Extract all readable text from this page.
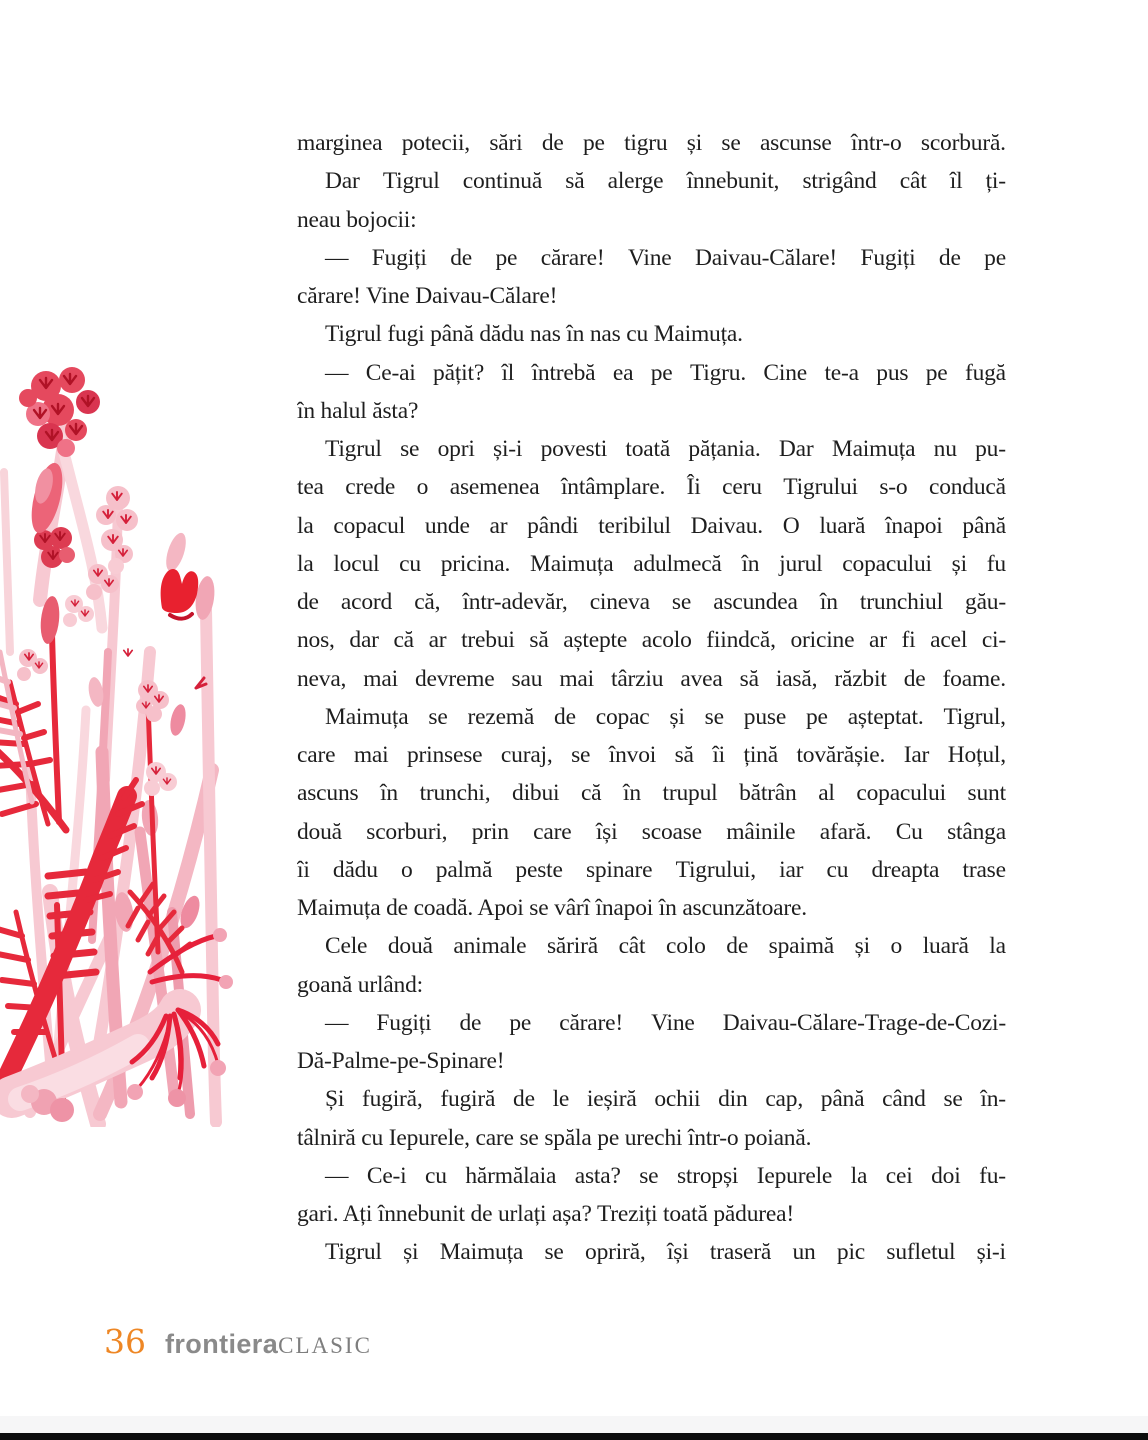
marginea potecii, sări de pe tigru și se ascunse într-o scorbură.
Dar Tigrul continuă să alerge înnebunit, strigând cât îl ți-
neau bojocii:
— Fugiți de pe cărare! Vine Daivau-Călare! Fugiți de pe
cărare! Vine Daivau-Călare!
Tigrul fugi până dădu nas în nas cu Maimuța.
— Ce-ai pățit? îl întrebă ea pe Tigru. Cine te-a pus pe fugă
în halul ăsta?
Tigrul se opri și-i povesti toată pățania. Dar Maimuța nu pu-
tea crede o asemenea întâmplare. Îi ceru Tigrului s-o conducă
la copacul unde ar pândi teribilul Daivau. O luară înapoi până
la locul cu pricina. Maimuța adulmecă în jurul copacului și fu
de acord că, într-adevăr, cineva se ascundea în trunchiul gău-
nos, dar că ar trebui să aștepte acolo fiindcă, oricine ar fi acel ci-
neva, mai devreme sau mai târziu avea să iasă, răzbit de foame.
Maimuța se rezemă de copac și se puse pe așteptat. Tigrul,
care mai prinsese curaj, se învoi să îi țină tovărășie. Iar Hoțul,
ascuns în trunchi, dibui că în trupul bătrân al copacului sunt
două scorburi, prin care își scoase mâinile afară. Cu stânga
îi dădu o palmă peste spinare Tigrului, iar cu dreapta trase
Maimuța de coadă. Apoi se vârî înapoi în ascunzătoare.
Cele două animale săriră cât colo de spaimă și o luară la
goană urlând:
— Fugiți de pe cărare! Vine Daivau-Călare-Trage-de-Cozi-
Dă-Palme-pe-Spinare!
Și fugiră, fugiră de le ieșiră ochii din cap, până când se în-
tâlniră cu Iepurele, care se spăla pe urechi într-o poiană.
— Ce-i cu hărmălaia asta? se stropși Iepurele la cei doi fu-
gari. Ați înnebunit de urlați așa? Treziți toată pădurea!
Tigrul și Maimuța se opriră, își traseră un pic sufletul și-i
36 frontieraCLASIC
